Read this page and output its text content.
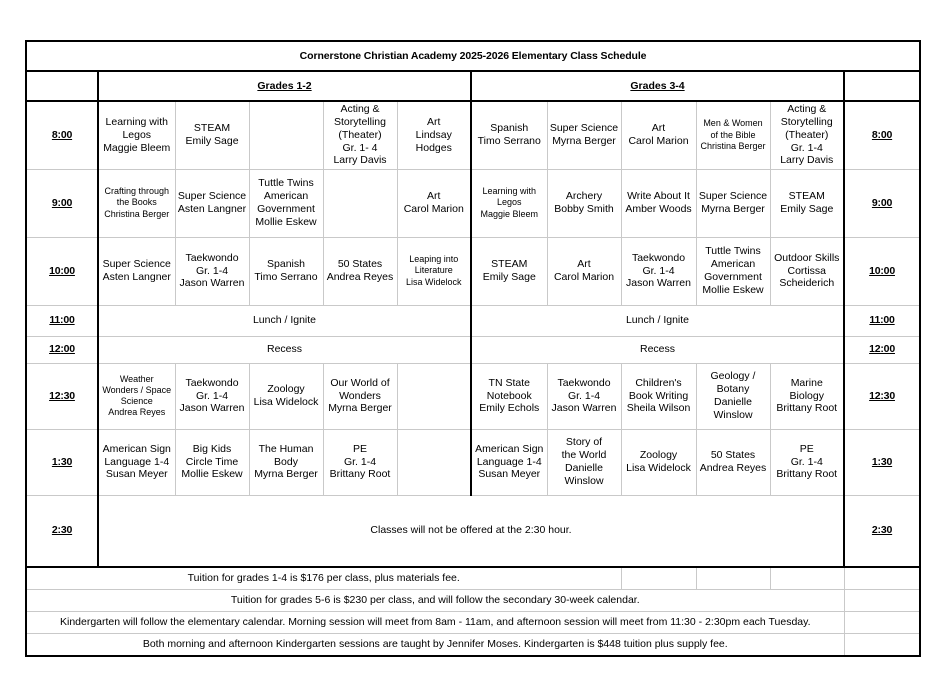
Cornerstone Christian Academy 2025-2026 Elementary Class Schedule											
	Grades 1-2					Grades 3-4					
8:00	Learning with
Legos
Maggie Bleem	STEAM
Emily Sage		Acting &
Storytelling
(Theater)
Gr. 1- 4
Larry Davis	Art
Lindsay
Hodges	Spanish
Timo Serrano	Super Science
Myrna Berger	Art
Carol Marion	Men & Women
of the Bible
Christina Berger	Acting &
Storytelling
(Theater)
Gr. 1-4
Larry Davis	8:00
9:00	Crafting through
the Books
Christina Berger	Super Science
Asten Langner	Tuttle Twins
American
Government
Mollie Eskew		Art
Carol Marion	Learning with
Legos
Maggie Bleem	Archery
Bobby Smith	Write About It
Amber Woods	Super Science
Myrna Berger	STEAM
Emily Sage	9:00
10:00	Super Science
Asten Langner	Taekwondo
Gr. 1-4
Jason Warren	Spanish
Timo Serrano	50 States
Andrea Reyes	Leaping into
Literature
Lisa Widelock	STEAM
Emily Sage	Art
Carol Marion	Taekwondo
Gr. 1-4
Jason Warren	Tuttle Twins
American
Government
Mollie Eskew	Outdoor Skills
Cortissa
Scheiderich	10:00
11:00	Lunch / Ignite					Lunch / Ignite					11:00
12:00	Recess					Recess					12:00
12:30	Weather
Wonders / Space
Science
Andrea Reyes	Taekwondo
Gr. 1-4
Jason Warren	Zoology
Lisa Widelock	Our World of
Wonders
Myrna Berger		TN State
Notebook
Emily Echols	Taekwondo
Gr. 1-4
Jason Warren	Children's
Book Writing
Sheila Wilson	Geology /
Botany
Danielle
Winslow	Marine Biology
Brittany Root	12:30
1:30	American Sign
Language 1-4
Susan Meyer	Big Kids
Circle Time
Mollie Eskew	The Human
Body
Myrna Berger	PE
Gr. 1-4
Brittany Root		American Sign
Language 1-4
Susan Meyer	Story of
the World
Danielle
Winslow	Zoology
Lisa Widelock	50 States
Andrea Reyes	PE
Gr. 1-4
Brittany Root	1:30
2:30	Classes will not be offered at the 2:30 hour.										2:30
Tuition for grades 1-4 is $176 per class, plus materials fee.											
Tuition for grades 5-6 is $230 per class, and will follow the secondary 30-week calendar.											
Kindergarten will follow the elementary calendar. Morning session will meet from 8am - 11am, and afternoon session will meet from 11:30 - 2:30pm each Tuesday.											
Both morning and afternoon Kindergarten sessions are taught by Jennifer Moses. Kindergarten is $448 tuition plus supply fee.											
